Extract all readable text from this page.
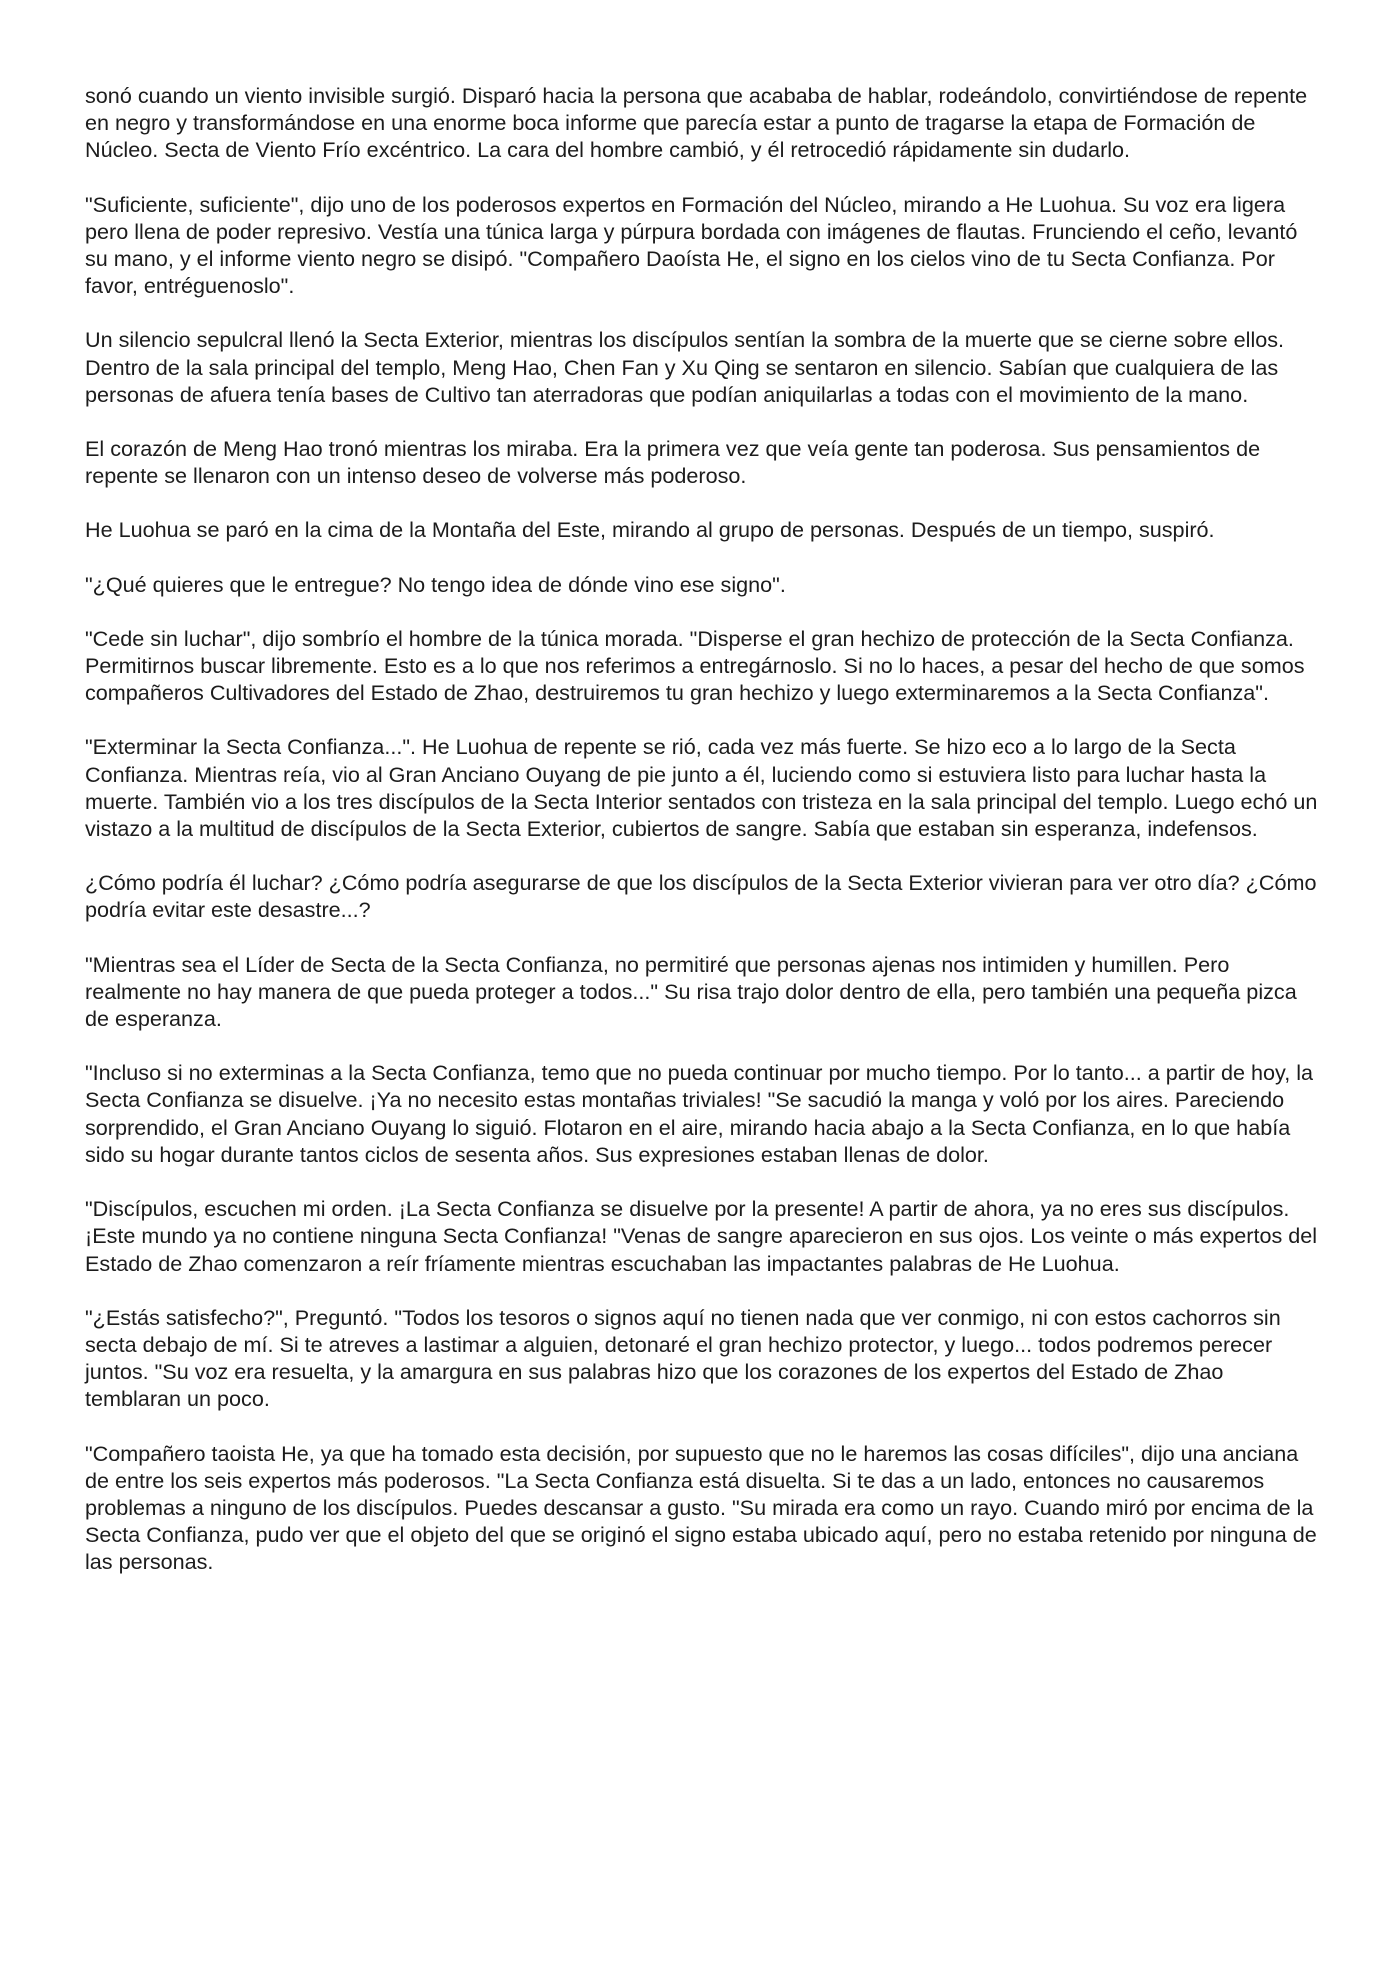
sonó cuando un viento invisible surgió. Disparó hacia la persona que acababa de hablar, rodeándolo, convirtiéndose de repente en negro y transformándose en una enorme boca informe que parecía estar a punto de tragarse la etapa de Formación de Núcleo. Secta de Viento Frío excéntrico. La cara del hombre cambió, y él retrocedió rápidamente sin dudarlo.

"Suficiente, suficiente", dijo uno de los poderosos expertos en Formación del Núcleo, mirando a He Luohua. Su voz era ligera pero llena de poder represivo. Vestía una túnica larga y púrpura bordada con imágenes de flautas. Frunciendo el ceño, levantó su mano, y el informe viento negro se disipó. "Compañero Daoísta He, el signo en los cielos vino de tu Secta Confianza. Por favor, entréguenoslo".

Un silencio sepulcral llenó la Secta Exterior, mientras los discípulos sentían la sombra de la muerte que se cierne sobre ellos. Dentro de la sala principal del templo, Meng Hao, Chen Fan y Xu Qing se sentaron en silencio. Sabían que cualquiera de las personas de afuera tenía bases de Cultivo tan aterradoras que podían aniquilarlas a todas con el movimiento de la mano.

El corazón de Meng Hao tronó mientras los miraba. Era la primera vez que veía gente tan poderosa. Sus pensamientos de repente se llenaron con un intenso deseo de volverse más poderoso.

He Luohua se paró en la cima de la Montaña del Este, mirando al grupo de personas. Después de un tiempo, suspiró.

"¿Qué quieres que le entregue? No tengo idea de dónde vino ese signo".

"Cede sin luchar", dijo sombrío el hombre de la túnica morada. "Disperse el gran hechizo de protección de la Secta Confianza. Permitirnos buscar libremente. Esto es a lo que nos referimos a entregárnoslo. Si no lo haces, a pesar del hecho de que somos compañeros Cultivadores del Estado de Zhao, destruiremos tu gran hechizo y luego exterminaremos a la Secta Confianza".

"Exterminar la Secta Confianza...". He Luohua de repente se rió, cada vez más fuerte. Se hizo eco a lo largo de la Secta Confianza. Mientras reía, vio al Gran Anciano Ouyang de pie junto a él, luciendo como si estuviera listo para luchar hasta la muerte. También vio a los tres discípulos de la Secta Interior sentados con tristeza en la sala principal del templo. Luego echó un vistazo a la multitud de discípulos de la Secta Exterior, cubiertos de sangre. Sabía que estaban sin esperanza, indefensos.

¿Cómo podría él luchar? ¿Cómo podría asegurarse de que los discípulos de la Secta Exterior vivieran para ver otro día? ¿Cómo podría evitar este desastre...?

"Mientras sea el Líder de Secta de la Secta Confianza, no permitiré que personas ajenas nos intimiden y humillen. Pero realmente no hay manera de que pueda proteger a todos..." Su risa trajo dolor dentro de ella, pero también una pequeña pizca de esperanza.

"Incluso si no exterminas a la Secta Confianza, temo que no pueda continuar por mucho tiempo. Por lo tanto... a partir de hoy, la Secta Confianza se disuelve. ¡Ya no necesito estas montañas triviales! "Se sacudió la manga y voló por los aires. Pareciendo sorprendido, el Gran Anciano Ouyang lo siguió. Flotaron en el aire, mirando hacia abajo a la Secta Confianza, en lo que había sido su hogar durante tantos ciclos de sesenta años. Sus expresiones estaban llenas de dolor.

"Discípulos, escuchen mi orden. ¡La Secta Confianza se disuelve por la presente! A partir de ahora, ya no eres sus discípulos. ¡Este mundo ya no contiene ninguna Secta Confianza! "Venas de sangre aparecieron en sus ojos. Los veinte o más expertos del Estado de Zhao comenzaron a reír fríamente mientras escuchaban las impactantes palabras de He Luohua.

"¿Estás satisfecho?", Preguntó. "Todos los tesoros o signos aquí no tienen nada que ver conmigo, ni con estos cachorros sin secta debajo de mí. Si te atreves a lastimar a alguien, detonaré el gran hechizo protector, y luego... todos podremos perecer juntos. "Su voz era resuelta, y la amargura en sus palabras hizo que los corazones de los expertos del Estado de Zhao temblaran un poco.

"Compañero taoista He, ya que ha tomado esta decisión, por supuesto que no le haremos las cosas difíciles", dijo una anciana de entre los seis expertos más poderosos. "La Secta Confianza está disuelta. Si te das a un lado, entonces no causaremos problemas a ninguno de los discípulos. Puedes descansar a gusto. "Su mirada era como un rayo. Cuando miró por encima de la Secta Confianza, pudo ver que el objeto del que se originó el signo estaba ubicado aquí, pero no estaba retenido por ninguna de las personas.
